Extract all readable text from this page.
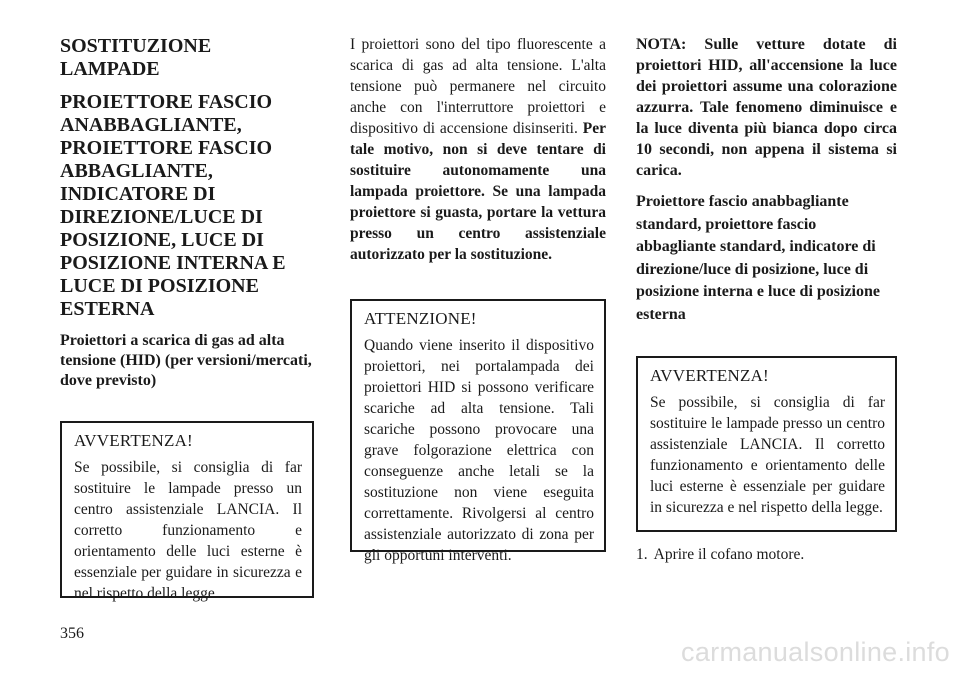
SOSTITUZIONE LAMPADE
PROIETTORE FASCIO ANABBAGLIANTE, PROIETTORE FASCIO ABBAGLIANTE, INDICATORE DI DIREZIONE/LUCE DI POSIZIONE, LUCE DI POSIZIONE INTERNA E LUCE DI POSIZIONE ESTERNA
Proiettori a scarica di gas ad alta tensione (HID) (per versioni/mercati, dove previsto)
AVVERTENZA!

Se possibile, si consiglia di far sostituire le lampade presso un centro assistenziale LANCIA. Il corretto funzionamento e orientamento delle luci esterne è essenziale per guidare in sicurezza e nel rispetto della legge.

I proiettori sono del tipo fluorescente a scarica di gas ad alta tensione. L'alta tensione può permanere nel circuito anche con l'interruttore proiettori e dispositivo di accensione disinseriti. Per tale motivo, non si deve tentare di sostituire autonomamente una lampada proiettore. Se una lampada proiettore si guasta, portare la vettura presso un centro assistenziale autorizzato per la sostituzione.

ATTENZIONE!

Quando viene inserito il dispositivo proiettori, nei portalampada dei proiettori HID si possono verificare scariche ad alta tensione. Tali scariche possono provocare una grave folgorazione elettrica con conseguenze anche letali se la sostituzione non viene eseguita correttamente. Rivolgersi al centro assistenziale autorizzato di zona per gli opportuni interventi.

NOTA: Sulle vetture dotate di proiettori HID, all'accensione la luce dei proiettori assume una colorazione azzurra. Tale fenomeno diminuisce e la luce diventa più bianca dopo circa 10 secondi, non appena il sistema si carica.

Proiettore fascio anabbagliante standard, proiettore fascio abbagliante standard, indicatore di direzione/luce di posizione, luce di posizione interna e luce di posizione esterna
AVVERTENZA!

Se possibile, si consiglia di far sostituire le lampade presso un centro assistenziale LANCIA. Il corretto funzionamento e orientamento delle luci esterne è essenziale per guidare in sicurezza e nel rispetto della legge.

1. Aprire il cofano motore.
356
carmanualsonline.info
